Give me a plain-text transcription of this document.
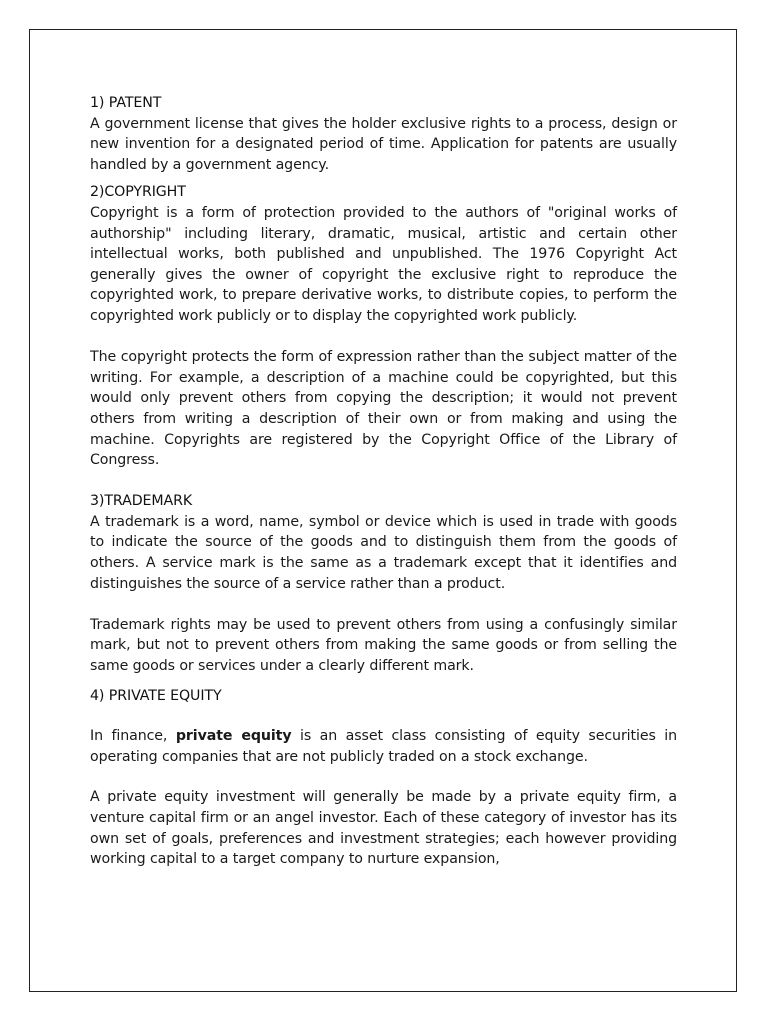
1) PATENT

A government license that gives the holder exclusive rights to a process, design or new invention for a designated period of time. Application for patents are usually handled by a government agency.

2)COPYRIGHT

Copyright is a form of protection provided to the authors of "original works of authorship" including literary, dramatic, musical, artistic and certain other intellectual works, both published and unpublished. The 1976 Copyright Act generally gives the owner of copyright the exclusive right to reproduce the copyrighted work, to prepare derivative works, to distribute copies, to perform the copyrighted work publicly or to display the copyrighted work publicly.

The copyright protects the form of expression rather than the subject matter of the writing. For example, a description of a machine could be copyrighted, but this would only prevent others from copying the description; it would not prevent others from writing a description of their own or from making and using the machine. Copyrights are registered by the Copyright Office of the Library of Congress.

3)TRADEMARK

A trademark is a word, name, symbol or device which is used in trade with goods to indicate the source of the goods and to distinguish them from the goods of others. A service mark is the same as a trademark except that it identifies and distinguishes the source of a service rather than a product.

Trademark rights may be used to prevent others from using a confusingly similar mark, but not to prevent others from making the same goods or from selling the same goods or services under a clearly different mark.

4) PRIVATE EQUITY

In finance, private equity is an asset class consisting of equity securities in operating companies that are not publicly traded on a stock exchange.

A private equity investment will generally be made by a private equity firm, a venture capital firm or an angel investor. Each of these category of investor has its own set of goals, preferences and investment strategies; each however providing working capital to a target company to nurture expansion,
